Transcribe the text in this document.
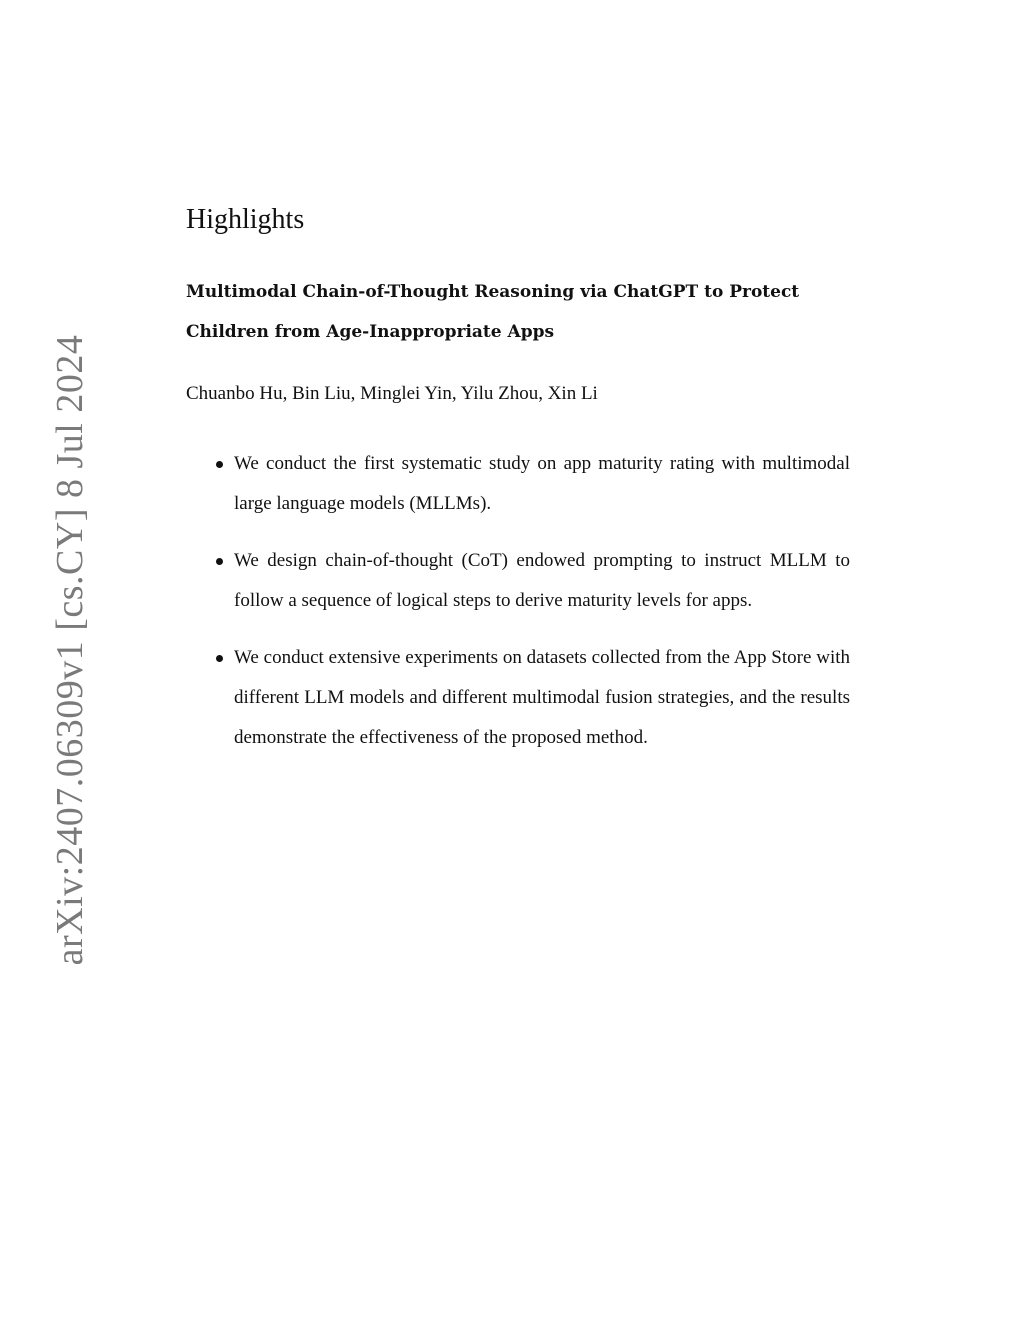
arXiv:2407.06309v1 [cs.CY] 8 Jul 2024
Highlights
Multimodal Chain-of-Thought Reasoning via ChatGPT to Protect Children from Age-Inappropriate Apps

Chuanbo Hu, Bin Liu, Minglei Yin, Yilu Zhou, Xin Li

We conduct the first systematic study on app maturity rating with multimodal large language models (MLLMs).
We design chain-of-thought (CoT) endowed prompting to instruct MLLM to follow a sequence of logical steps to derive maturity levels for apps.
We conduct extensive experiments on datasets collected from the App Store with different LLM models and different multimodal fusion strategies, and the results demonstrate the effectiveness of the proposed method.
